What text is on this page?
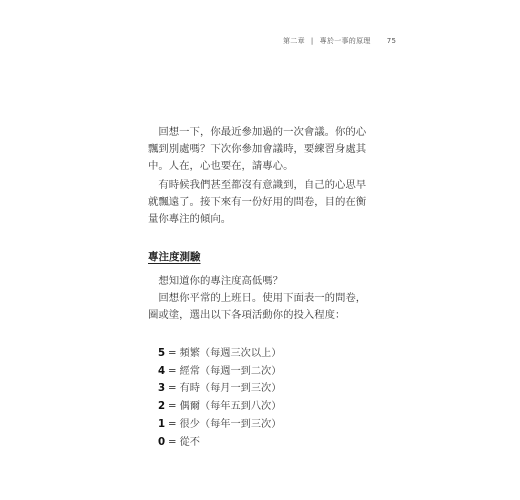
第二章 | 專於一事的原理 75

　回想一下，你最近參加過的一次會議。你的心飄到別處嗎？下次你參加會議時，要練習身處其中。人在，心也要在，請專心。

　有時候我們甚至都沒有意識到，自己的心思早就飄遠了。接下來有一份好用的問卷，目的在衡量你專注的傾向。

專注度測驗

　想知道你的專注度高低嗎？

　回想你平常的上班日。使用下面表一的問卷，圈或塗，選出以下各項活動你的投入程度：

5 = 頻繁（每週三次以上）
4 = 經常（每週一到二次）
3 = 有時（每月一到三次）
2 = 偶爾（每年五到八次）
1 = 很少（每年一到三次）
0 = 從不
